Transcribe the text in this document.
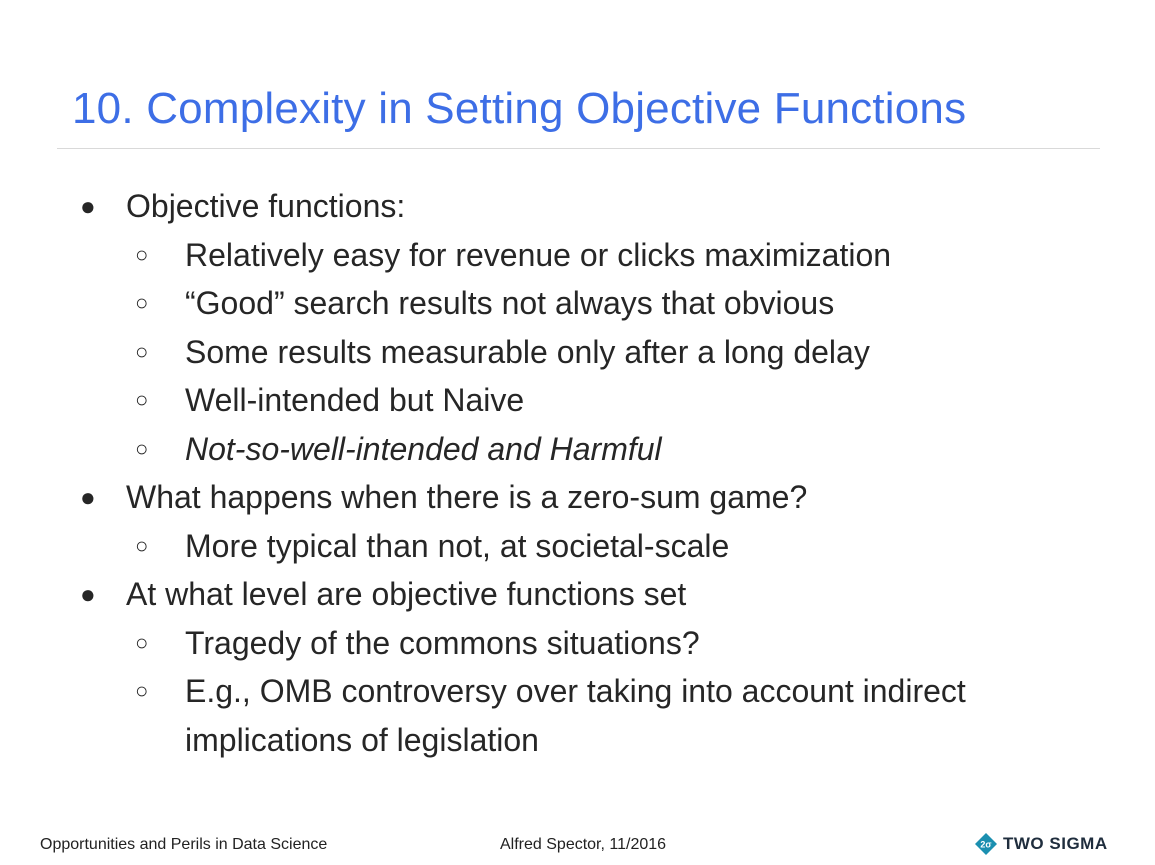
10. Complexity in Setting Objective Functions
● Objective functions:
○ Relatively easy for revenue or clicks maximization
○ “Good” search results not always that obvious
○ Some results measurable only after a long delay
○ Well-intended but Naive
○ Not-so-well-intended and Harmful
● What happens when there is a zero-sum game?
○ More typical than not, at societal-scale
● At what level are objective functions set
○ Tragedy of the commons situations?
○ E.g., OMB controversy over taking into account indirect
implications of legislation
Opportunities and Perils in Data Science	Alfred Spector, 11/2016	2σ TWO SIGMA
